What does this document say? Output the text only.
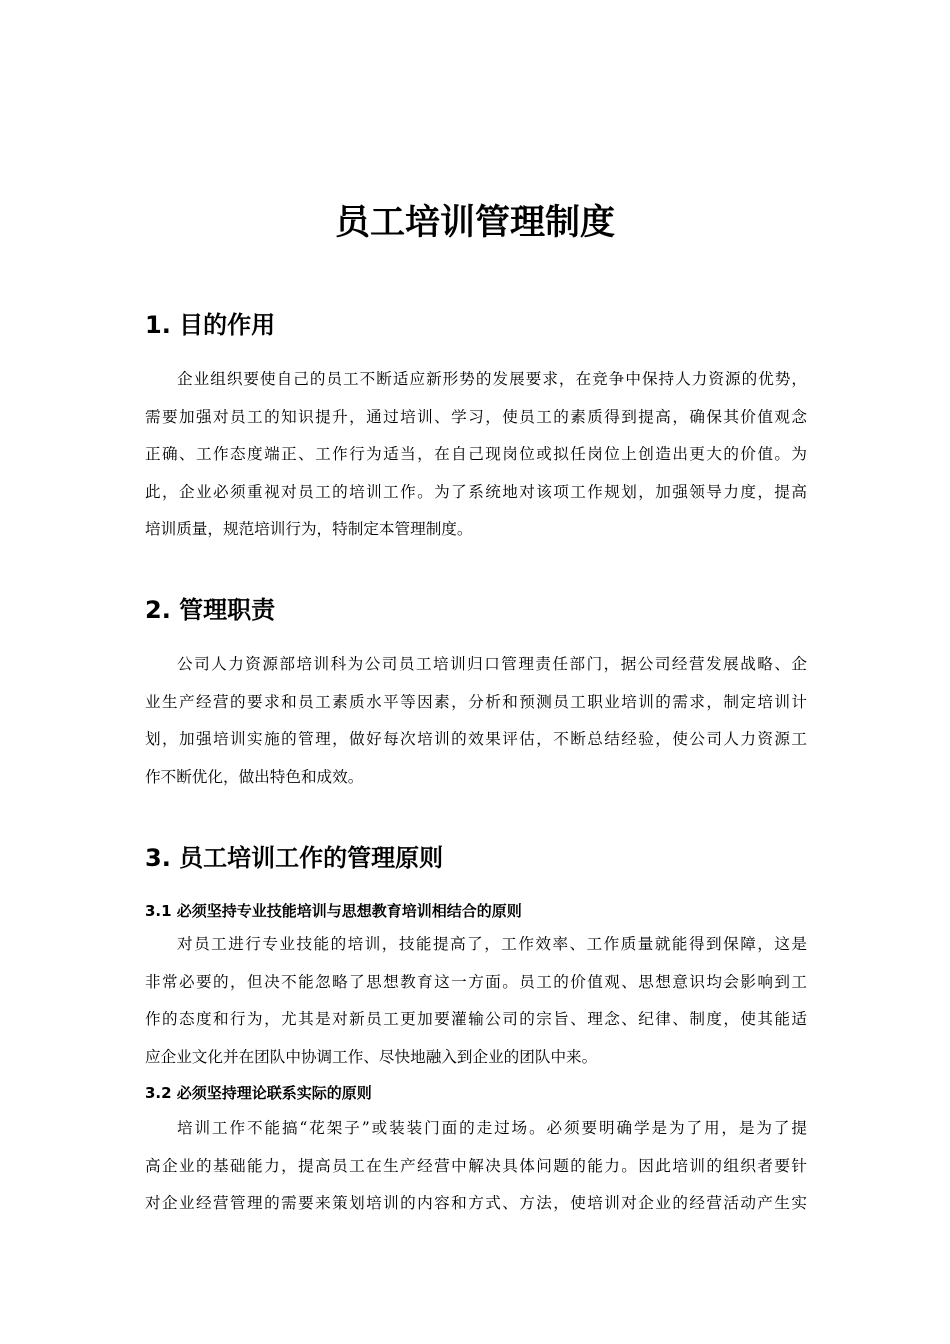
员工培训管理制度
1. 目的作用
企业组织要使自己的员工不断适应新形势的发展要求，在竞争中保持人力资源的优势，
需要加强对员工的知识提升，通过培训、学习，使员工的素质得到提高，确保其价值观念
正确、工作态度端正、工作行为适当，在自己现岗位或拟任岗位上创造出更大的价值。为
此，企业必须重视对员工的培训工作。为了系统地对该项工作规划，加强领导力度，提高
培训质量，规范培训行为，特制定本管理制度。
2. 管理职责
公司人力资源部培训科为公司员工培训归口管理责任部门，据公司经营发展战略、企
业生产经营的要求和员工素质水平等因素，分析和预测员工职业培训的需求，制定培训计
划，加强培训实施的管理，做好每次培训的效果评估，不断总结经验，使公司人力资源工
作不断优化，做出特色和成效。
3. 员工培训工作的管理原则
3.1 必须坚持专业技能培训与思想教育培训相结合的原则
对员工进行专业技能的培训，技能提高了，工作效率、工作质量就能得到保障，这是
非常必要的，但决不能忽略了思想教育这一方面。员工的价值观、思想意识均会影响到工
作的态度和行为，尤其是对新员工更加要灌输公司的宗旨、理念、纪律、制度，使其能适
应企业文化并在团队中协调工作、尽快地融入到企业的团队中来。
3.2 必须坚持理论联系实际的原则
培训工作不能搞“花架子”或装装门面的走过场。必须要明确学是为了用，是为了提
高企业的基础能力，提高员工在生产经营中解决具体问题的能力。因此培训的组织者要针
对企业经营管理的需要来策划培训的内容和方式、方法，使培训对企业的经营活动产生实
